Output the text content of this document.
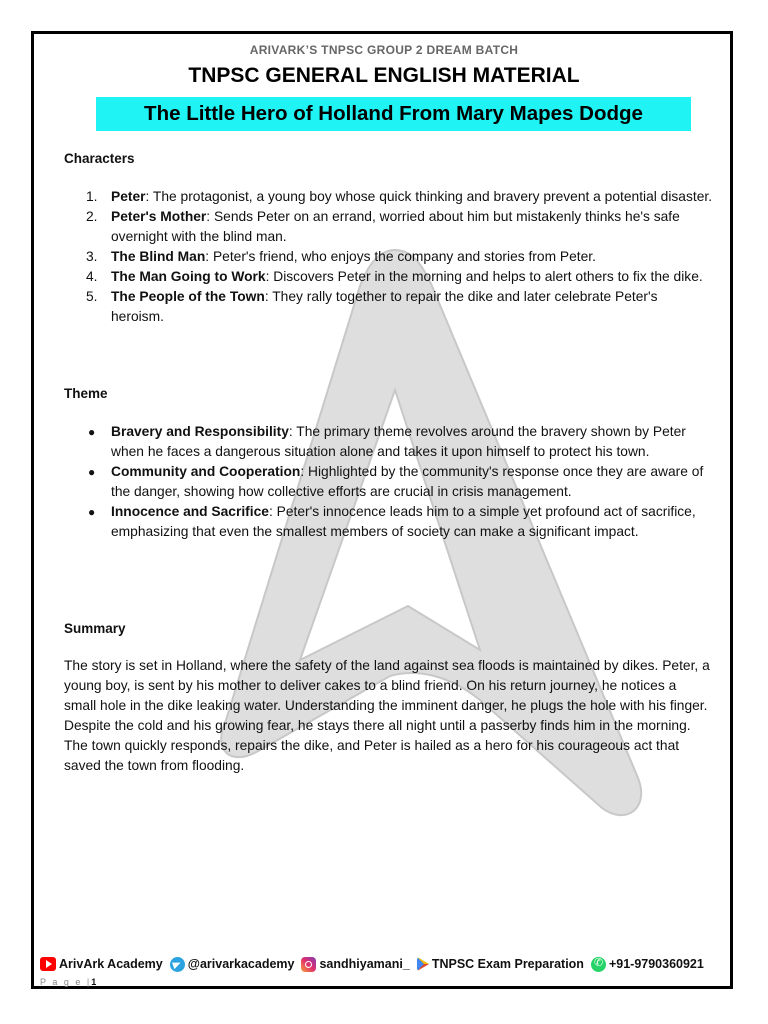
ARIVARK’S TNPSC GROUP 2 DREAM BATCH
TNPSC GENERAL ENGLISH MATERIAL
The Little Hero of Holland From Mary Mapes Dodge
Characters
1. Peter: The protagonist, a young boy whose quick thinking and bravery prevent a potential disaster.
2. Peter's Mother: Sends Peter on an errand, worried about him but mistakenly thinks he's safe overnight with the blind man.
3. The Blind Man: Peter's friend, who enjoys the company and stories from Peter.
4. The Man Going to Work: Discovers Peter in the morning and helps to alert others to fix the dike.
5. The People of the Town: They rally together to repair the dike and later celebrate Peter's heroism.
Theme
● Bravery and Responsibility: The primary theme revolves around the bravery shown by Peter when he faces a dangerous situation alone and takes it upon himself to protect his town.
● Community and Cooperation: Highlighted by the community's response once they are aware of the danger, showing how collective efforts are crucial in crisis management.
● Innocence and Sacrifice: Peter's innocence leads him to a simple yet profound act of sacrifice, emphasizing that even the smallest members of society can make a significant impact.
Summary

The story is set in Holland, where the safety of the land against sea floods is maintained by dikes. Peter, a young boy, is sent by his mother to deliver cakes to a blind friend. On his return journey, he notices a small hole in the dike leaking water. Understanding the imminent danger, he plugs the hole with his finger. Despite the cold and his growing fear, he stays there all night until a passerby finds him in the morning. The town quickly responds, repairs the dike, and Peter is hailed as a hero for his courageous act that saved the town from flooding.

ArivArk Academy @arivarkacademy sandhiyamani_ TNPSC Exam Preparation
✆ +91-9790360921
P a g e |1
